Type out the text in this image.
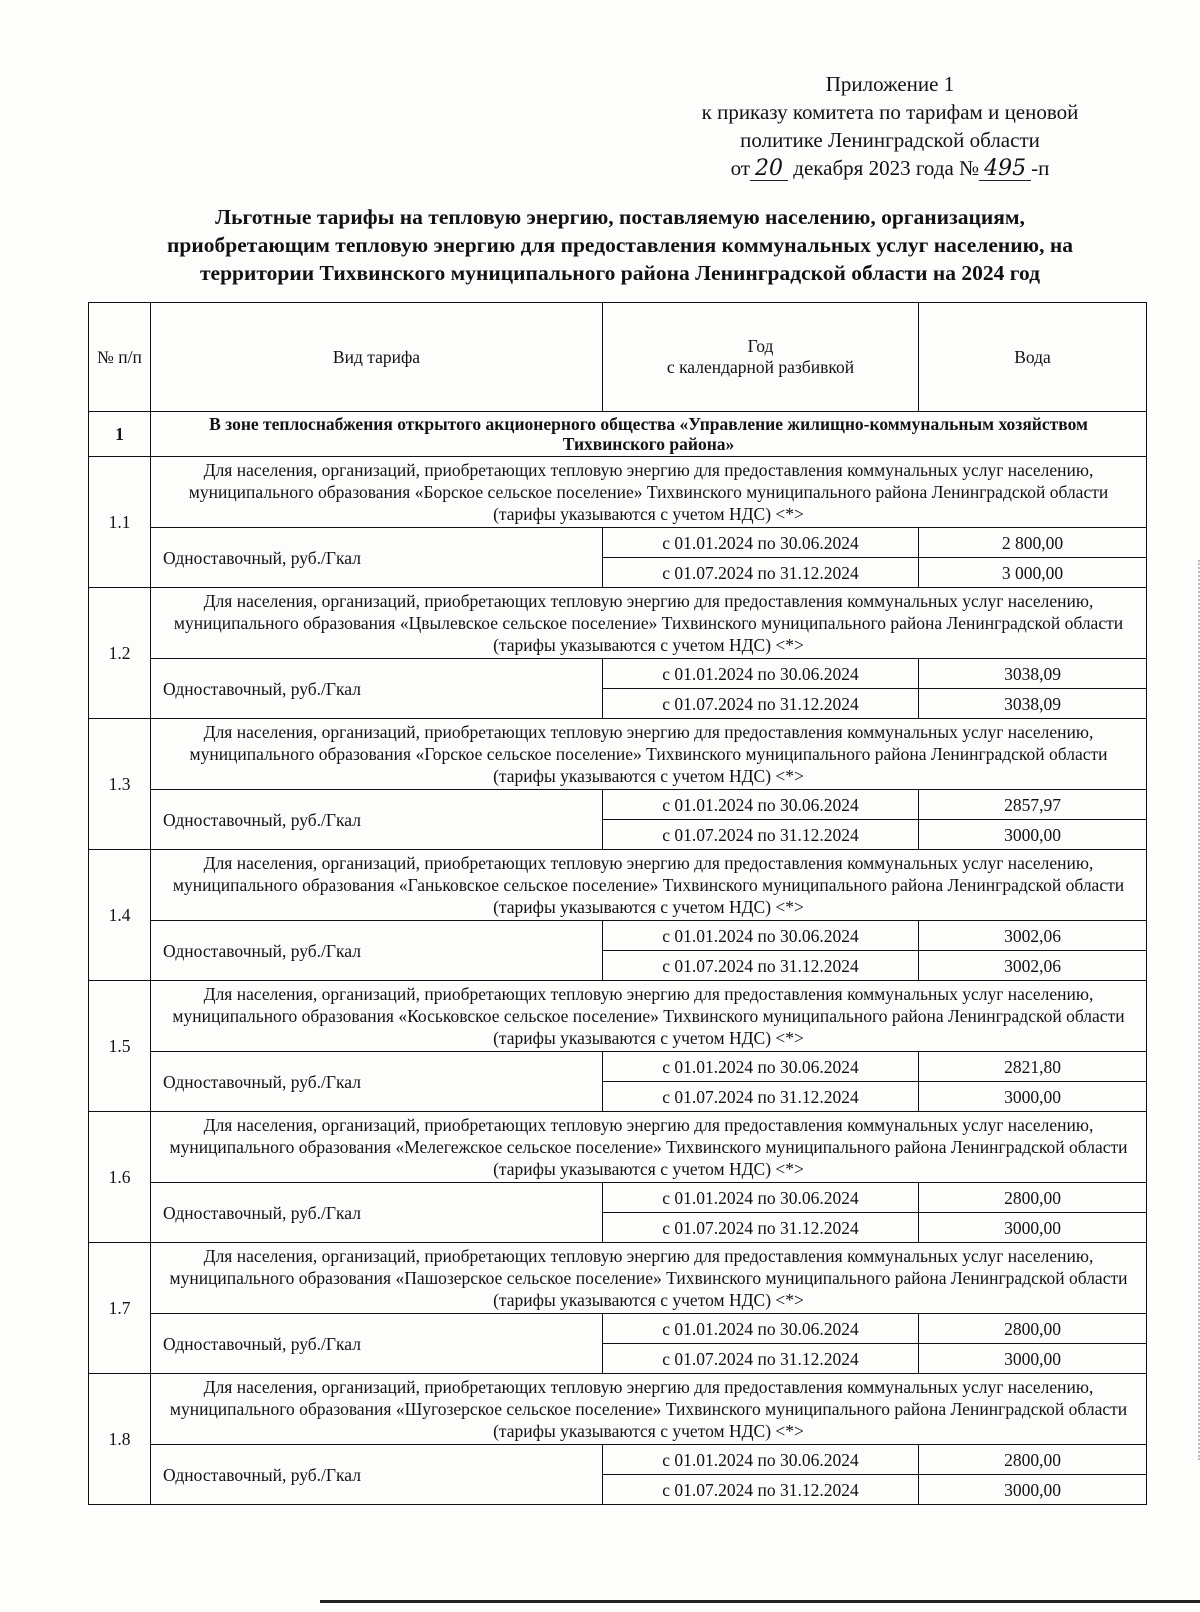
Приложение 1
к приказу комитета по тарифам и ценовой
политике Ленинградской области
от 20 декабря 2023 года № 495 -п
Льготные тарифы на тепловую энергию, поставляемую населению, организациям,
приобретающим тепловую энергию для предоставления коммунальных услуг населению, на
территории Тихвинского муниципального района Ленинградской области на 2024 год
№ п/п	Вид тарифа	Год
с календарной разбивкой	Вода
1	В зоне теплоснабжения открытого акционерного общества «Управление жилищно-коммунальным хозяйством Тихвинского района»		
1.1	Для населения, организаций, приобретающих тепловую энергию для предоставления коммунальных услуг населению, муниципального образования «Борское сельское поселение» Тихвинского муниципального района Ленинградской области (тарифы указываются с учетом НДС) <*>		
	Одноставочный, руб./Гкал	с 01.01.2024 по 30.06.2024	2 800,00
		с 01.07.2024 по 31.12.2024	3 000,00
1.2	Для населения, организаций, приобретающих тепловую энергию для предоставления коммунальных услуг населению, муниципального образования «Цвылевское сельское поселение» Тихвинского муниципального района Ленинградской области (тарифы указываются с учетом НДС) <*>		
	Одноставочный, руб./Гкал	с 01.01.2024 по 30.06.2024	3038,09
		с 01.07.2024 по 31.12.2024	3038,09
1.3	Для населения, организаций, приобретающих тепловую энергию для предоставления коммунальных услуг населению, муниципального образования «Горское сельское поселение» Тихвинского муниципального района Ленинградской области (тарифы указываются с учетом НДС) <*>		
	Одноставочный, руб./Гкал	с 01.01.2024 по 30.06.2024	2857,97
		с 01.07.2024 по 31.12.2024	3000,00
1.4	Для населения, организаций, приобретающих тепловую энергию для предоставления коммунальных услуг населению, муниципального образования «Ганьковское сельское поселение» Тихвинского муниципального района Ленинградской области (тарифы указываются с учетом НДС) <*>		
	Одноставочный, руб./Гкал	с 01.01.2024 по 30.06.2024	3002,06
		с 01.07.2024 по 31.12.2024	3002,06
1.5	Для населения, организаций, приобретающих тепловую энергию для предоставления коммунальных услуг населению, муниципального образования «Коськовское сельское поселение» Тихвинского муниципального района Ленинградской области (тарифы указываются с учетом НДС) <*>		
	Одноставочный, руб./Гкал	с 01.01.2024 по 30.06.2024	2821,80
		с 01.07.2024 по 31.12.2024	3000,00
1.6	Для населения, организаций, приобретающих тепловую энергию для предоставления коммунальных услуг населению, муниципального образования «Мелегежское сельское поселение» Тихвинского муниципального района Ленинградской области (тарифы указываются с учетом НДС) <*>		
	Одноставочный, руб./Гкал	с 01.01.2024 по 30.06.2024	2800,00
		с 01.07.2024 по 31.12.2024	3000,00
1.7	Для населения, организаций, приобретающих тепловую энергию для предоставления коммунальных услуг населению, муниципального образования «Пашозерское сельское поселение» Тихвинского муниципального района Ленинградской области (тарифы указываются с учетом НДС) <*>		
	Одноставочный, руб./Гкал	с 01.01.2024 по 30.06.2024	2800,00
		с 01.07.2024 по 31.12.2024	3000,00
1.8	Для населения, организаций, приобретающих тепловую энергию для предоставления коммунальных услуг населению, муниципального образования «Шугозерское сельское поселение» Тихвинского муниципального района Ленинградской области (тарифы указываются с учетом НДС) <*>		
	Одноставочный, руб./Гкал	с 01.01.2024 по 30.06.2024	2800,00
		с 01.07.2024 по 31.12.2024	3000,00
